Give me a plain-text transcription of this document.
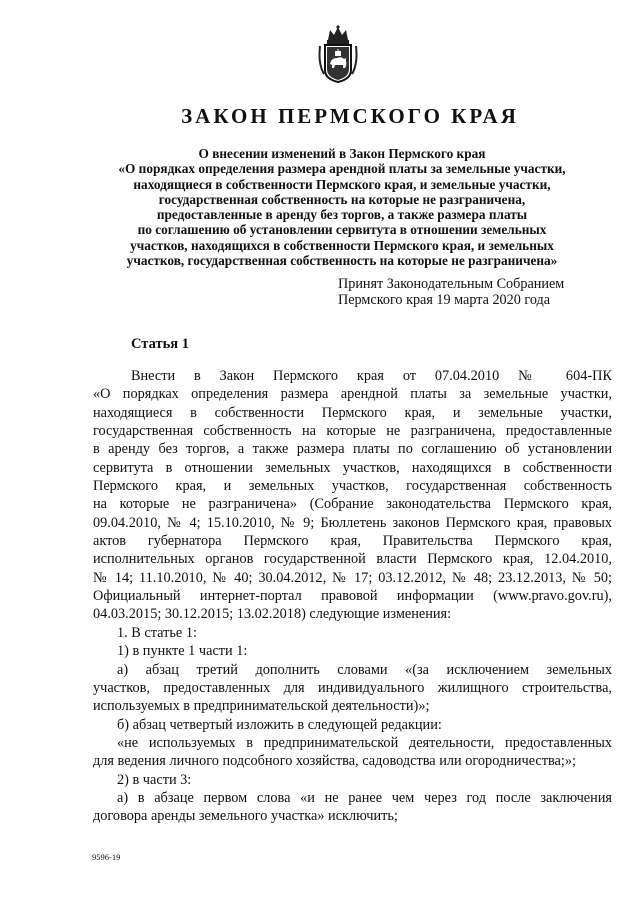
ЗАКОН ПЕРМСКОГО КРАЯ
О внесении изменений в Закон Пермского края
«О порядках определения размера арендной платы за земельные участки,
находящиеся в собственности Пермского края, и земельные участки,
государственная собственность на которые не разграничена,
предоставленные в аренду без торгов, а также размера платы
по соглашению об установлении сервитута в отношении земельных
участков, находящихся в собственности Пермского края, и земельных
участков, государственная собственность на которые не разграничена»
Принят Законодательным Собранием
Пермского края 19 марта 2020 года
Статья 1
Внести в Закон Пермского края от 07.04.2010 № 604-ПК
«О порядках определения размера арендной платы за земельные участки,
находящиеся в собственности Пермского края, и земельные участки,
государственная собственность на которые не разграничена, предоставленные
в аренду без торгов, а также размера платы по соглашению об установлении
сервитута в отношении земельных участков, находящихся в собственности
Пермского края, и земельных участков, государственная собственность
на которые не разграничена» (Собрание законодательства Пермского края,
09.04.2010, № 4; 15.10.2010, № 9; Бюллетень законов Пермского края, правовых
актов губернатора Пермского края, Правительства Пермского края,
исполнительных органов государственной власти Пермского края, 12.04.2010,
№ 14; 11.10.2010, № 40; 30.04.2012, № 17; 03.12.2012, № 48; 23.12.2013, № 50;
Официальный интернет-портал правовой информации (www.pravo.gov.ru),
04.03.2015; 30.12.2015; 13.02.2018) следующие изменения:
1. В статье 1:
1) в пункте 1 части 1:
а) абзац третий дополнить словами «(за исключением земельных
участков, предоставленных для индивидуального жилищного строительства,
используемых в предпринимательской деятельности)»;
б) абзац четвертый изложить в следующей редакции:
«не используемых в предпринимательской деятельности, предоставленных
для ведения личного подсобного хозяйства, садоводства или огородничества;»;
2) в части 3:
а) в абзаце первом слова «и не ранее чем через год после заключения
договора аренды земельного участка» исключить;
9596-19
